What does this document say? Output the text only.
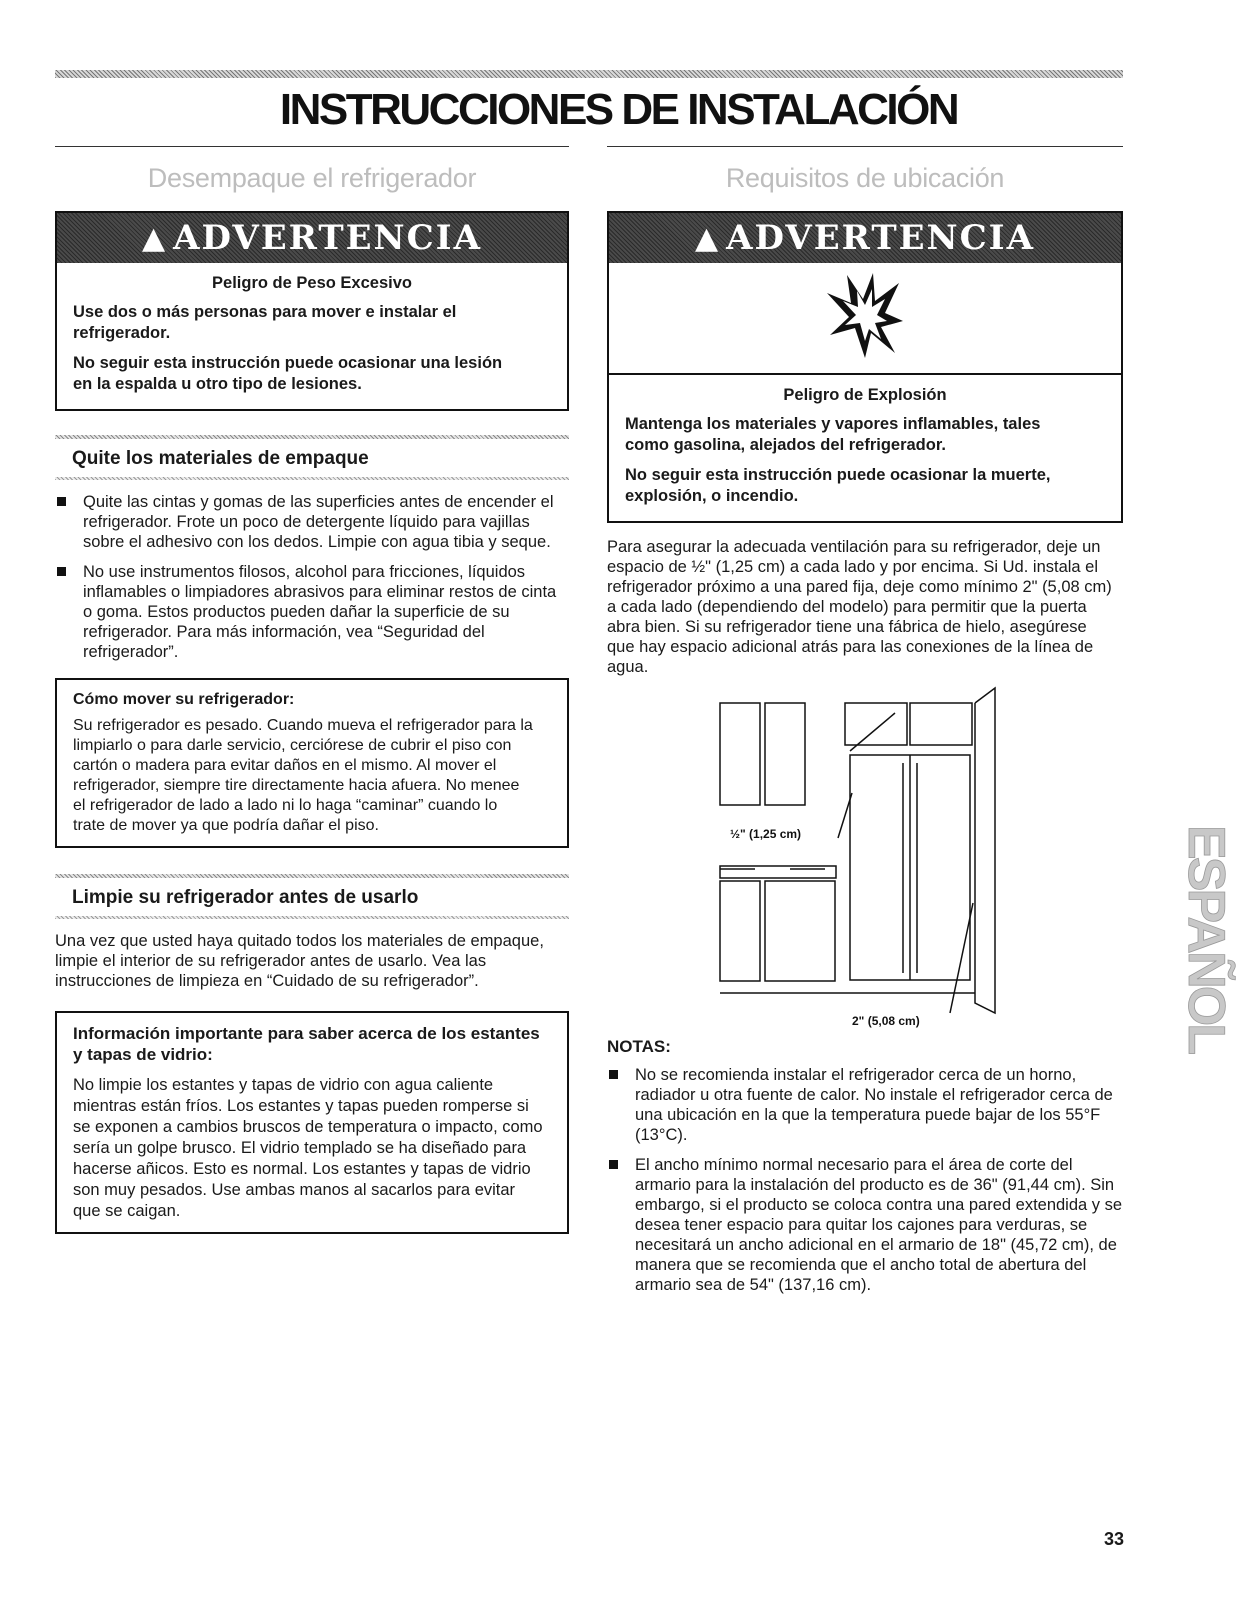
INSTRUCCIONES DE INSTALACIÓN
Desempaque el refrigerador
▲ ADVERTENCIA

Peligro de Peso Excesivo

Use dos o más personas para mover e instalar el refrigerador.

No seguir esta instrucción puede ocasionar una lesión en la espalda u otro tipo de lesiones.

Quite los materiales de empaque
Quite las cintas y gomas de las superficies antes de encender el refrigerador. Frote un poco de detergente líquido para vajillas sobre el adhesivo con los dedos. Limpie con agua tibia y seque.
No use instrumentos filosos, alcohol para fricciones, líquidos inflamables o limpiadores abrasivos para eliminar restos de cinta o goma. Estos productos pueden dañar la superficie de su refrigerador. Para más información, vea “Seguridad del refrigerador”.

Cómo mover su refrigerador:

Su refrigerador es pesado. Cuando mueva el refrigerador para la limpiarlo o para darle servicio, cerciórese de cubrir el piso con cartón o madera para evitar daños en el mismo. Al mover el refrigerador, siempre tire directamente hacia afuera. No menee el refrigerador de lado a lado ni lo haga “caminar” cuando lo trate de mover ya que podría dañar el piso.

Limpie su refrigerador antes de usarlo

Una vez que usted haya quitado todos los materiales de empaque, limpie el interior de su refrigerador antes de usarlo. Vea las instrucciones de limpieza en “Cuidado de su refrigerador”.

Información importante para saber acerca de los estantes y tapas de vidrio:

No limpie los estantes y tapas de vidrio con agua caliente mientras están fríos. Los estantes y tapas pueden romperse si se exponen a cambios bruscos de temperatura o impacto, como sería un golpe brusco. El vidrio templado se ha diseñado para hacerse añicos. Esto es normal. Los estantes y tapas de vidrio son muy pesados. Use ambas manos al sacarlos para evitar que se caigan.

Requisitos de ubicación
▲ ADVERTENCIA

Peligro de Explosión

Mantenga los materiales y vapores inflamables, tales como gasolina, alejados del refrigerador.

No seguir esta instrucción puede ocasionar la muerte, explosión, o incendio.

Para asegurar la adecuada ventilación para su refrigerador, deje un espacio de ½" (1,25 cm) a cada lado y por encima. Si Ud. instala el refrigerador próximo a una pared fija, deje como mínimo 2" (5,08 cm) a cada lado (dependiendo del modelo) para permitir que la puerta abra bien. Si su refrigerador tiene una fábrica de hielo, asegúrese que hay espacio adicional atrás para las conexiones de la línea de agua.

NOTAS:
No se recomienda instalar el refrigerador cerca de un horno, radiador u otra fuente de calor. No instale el refrigerador cerca de una ubicación en la que la temperatura puede bajar de los 55°F (13°C).
El ancho mínimo normal necesario para el área de corte del armario para la instalación del producto es de 36" (91,44 cm). Sin embargo, si el producto se coloca contra una pared extendida y se desea tener espacio para quitar los cajones para verduras, se necesitará un ancho adicional en el armario de 18" (45,72 cm), de manera que se recomienda que el ancho total de abertura del armario sea de 54" (137,16 cm).
½" (1,25 cm)
2" (5,08 cm)
ESPAÑOL
33
